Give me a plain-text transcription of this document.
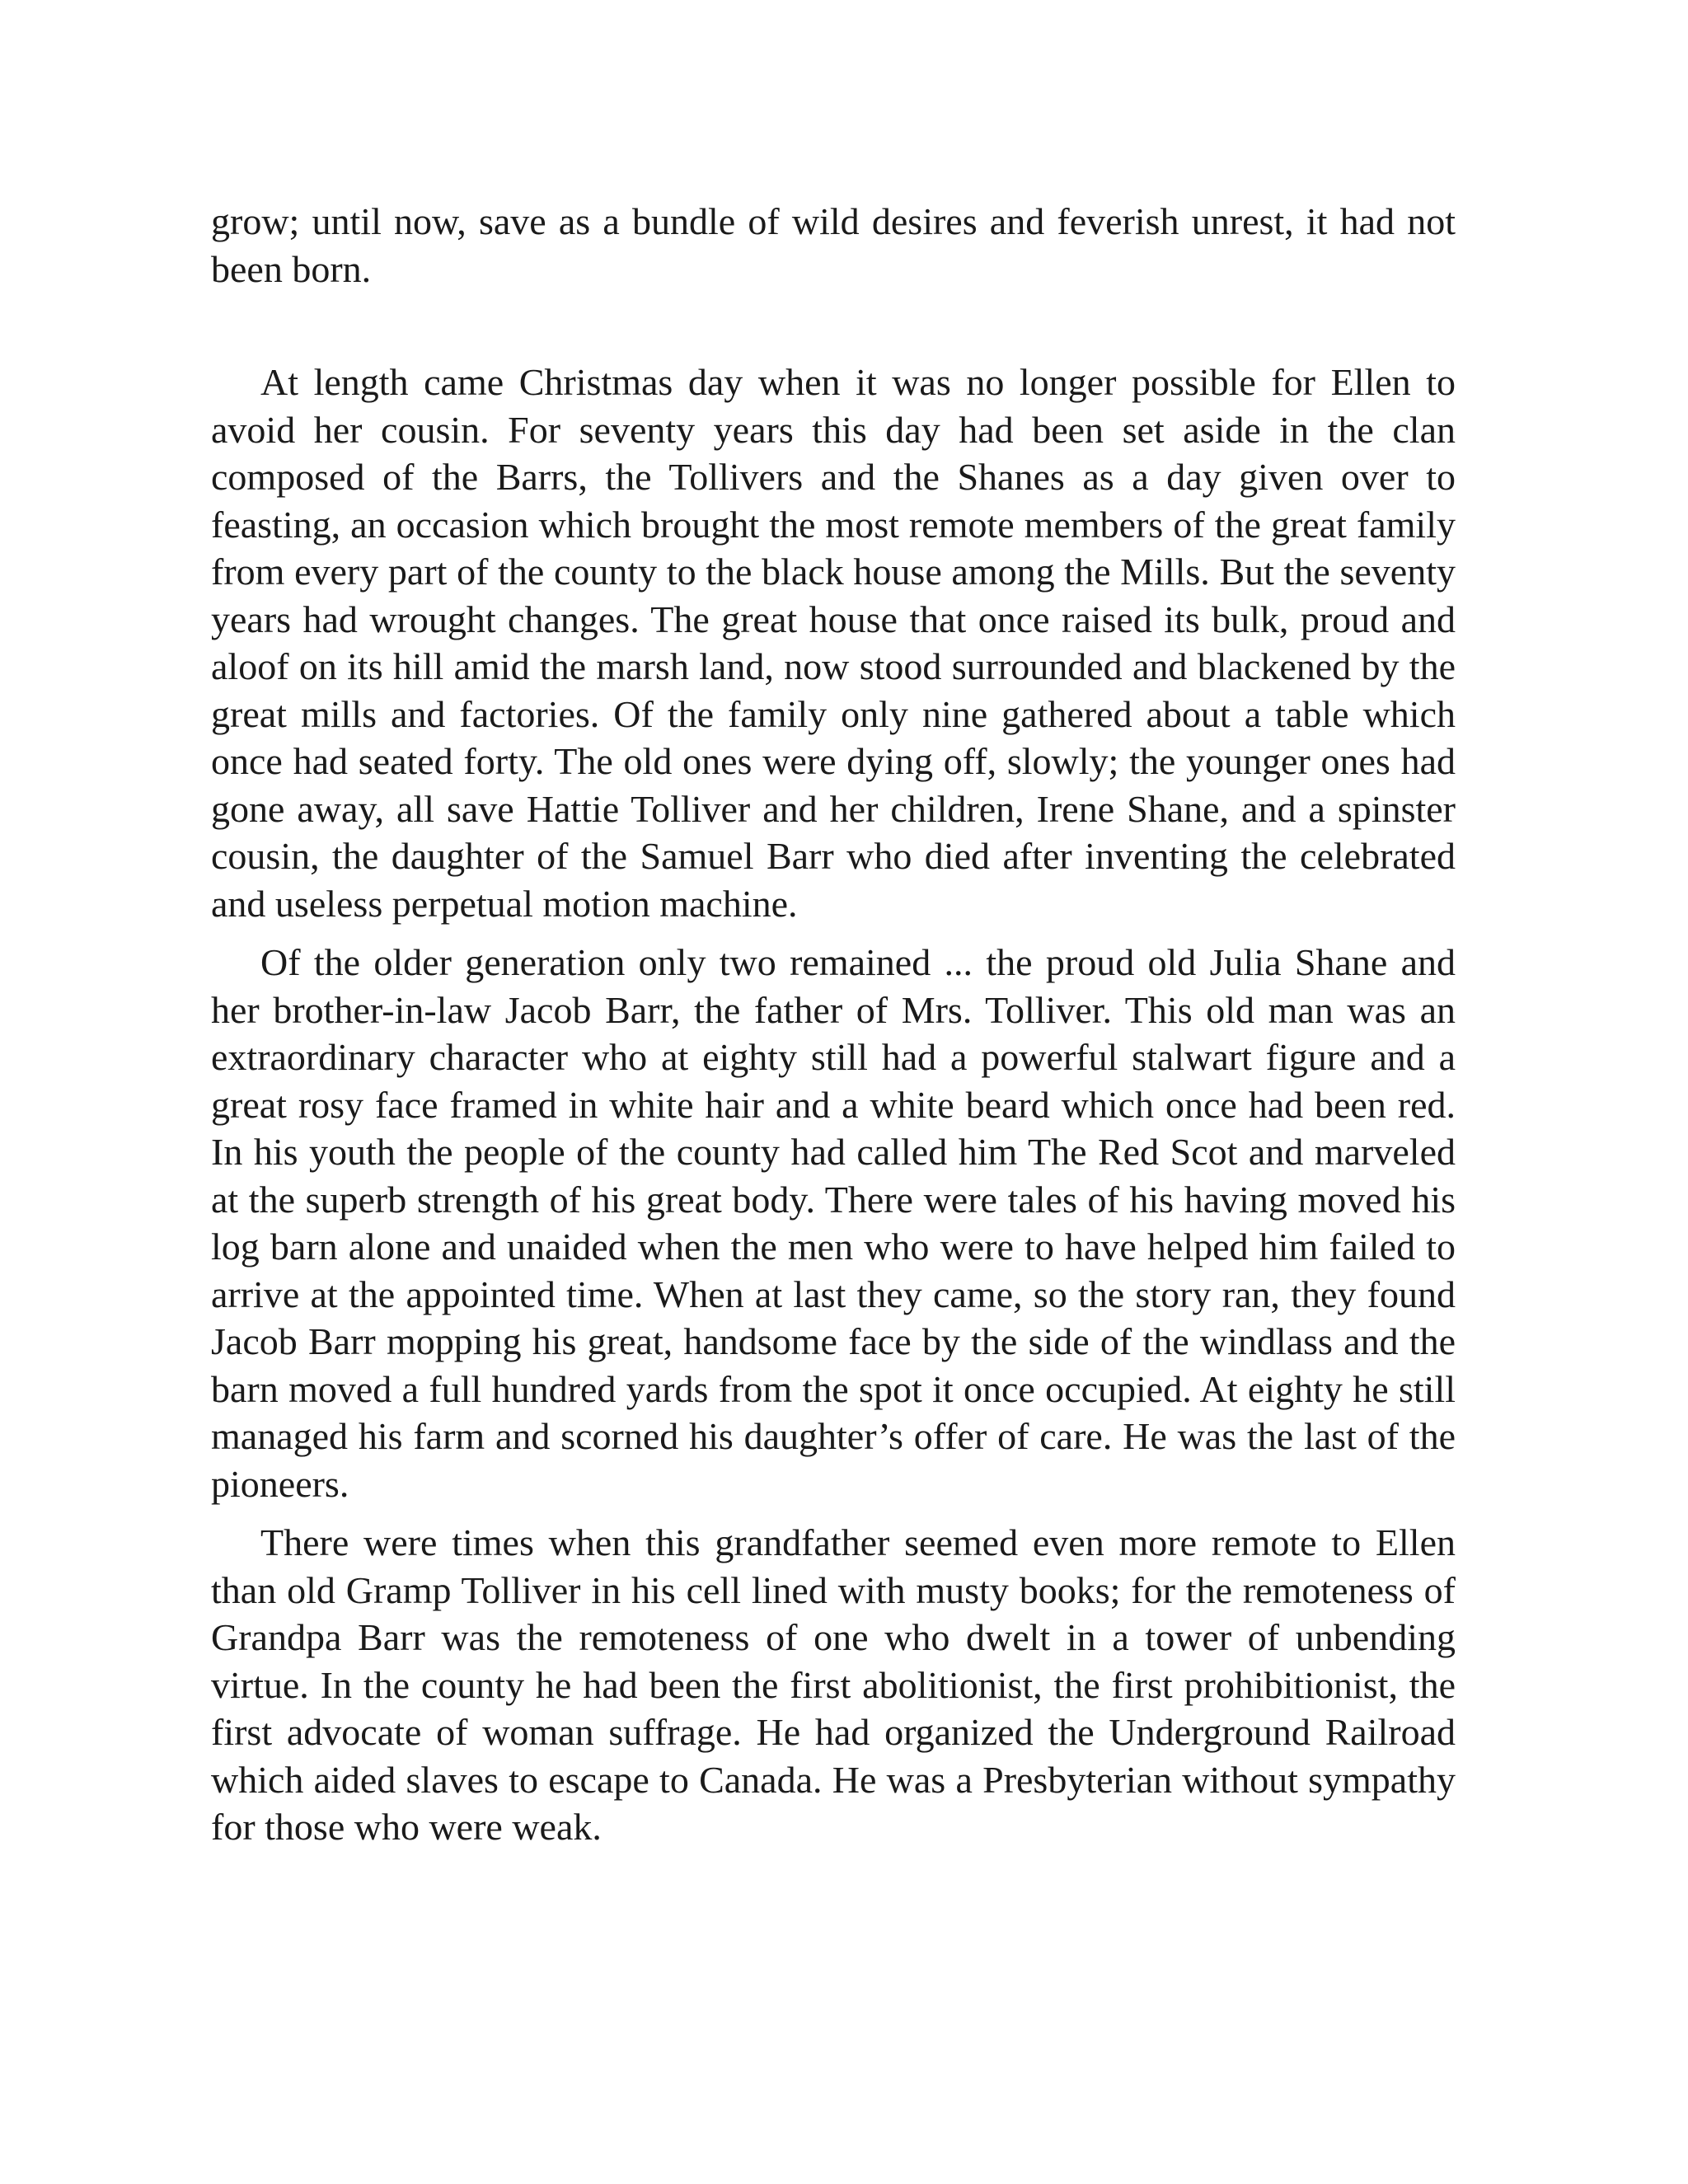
grow; until now, save as a bundle of wild desires and feverish unrest, it had not been born.

At length came Christmas day when it was no longer possible for Ellen to avoid her cousin. For seventy years this day had been set aside in the clan composed of the Barrs, the Tollivers and the Shanes as a day given over to feasting, an occasion which brought the most remote members of the great family from every part of the county to the black house among the Mills. But the seventy years had wrought changes. The great house that once raised its bulk, proud and aloof on its hill amid the marsh land, now stood surrounded and blackened by the great mills and factories. Of the family only nine gathered about a table which once had seated forty. The old ones were dying off, slowly; the younger ones had gone away, all save Hattie Tolliver and her children, Irene Shane, and a spinster cousin, the daughter of the Samuel Barr who died after inventing the celebrated and useless perpetual motion machine.

Of the older generation only two remained ... the proud old Julia Shane and her brother-in-law Jacob Barr, the father of Mrs. Tolliver. This old man was an extraordinary character who at eighty still had a powerful stalwart figure and a great rosy face framed in white hair and a white beard which once had been red. In his youth the people of the county had called him The Red Scot and marveled at the superb strength of his great body. There were tales of his having moved his log barn alone and unaided when the men who were to have helped him failed to arrive at the appointed time. When at last they came, so the story ran, they found Jacob Barr mopping his great, handsome face by the side of the windlass and the barn moved a full hundred yards from the spot it once occupied. At eighty he still managed his farm and scorned his daughter’s offer of care. He was the last of the pioneers.

There were times when this grandfather seemed even more remote to Ellen than old Gramp Tolliver in his cell lined with musty books; for the remoteness of Grandpa Barr was the remoteness of one who dwelt in a tower of unbending virtue. In the county he had been the first abolitionist, the first prohibitionist, the first advocate of woman suffrage. He had organized the Underground Railroad which aided slaves to escape to Canada. He was a Presbyterian without sympathy for those who were weak.
